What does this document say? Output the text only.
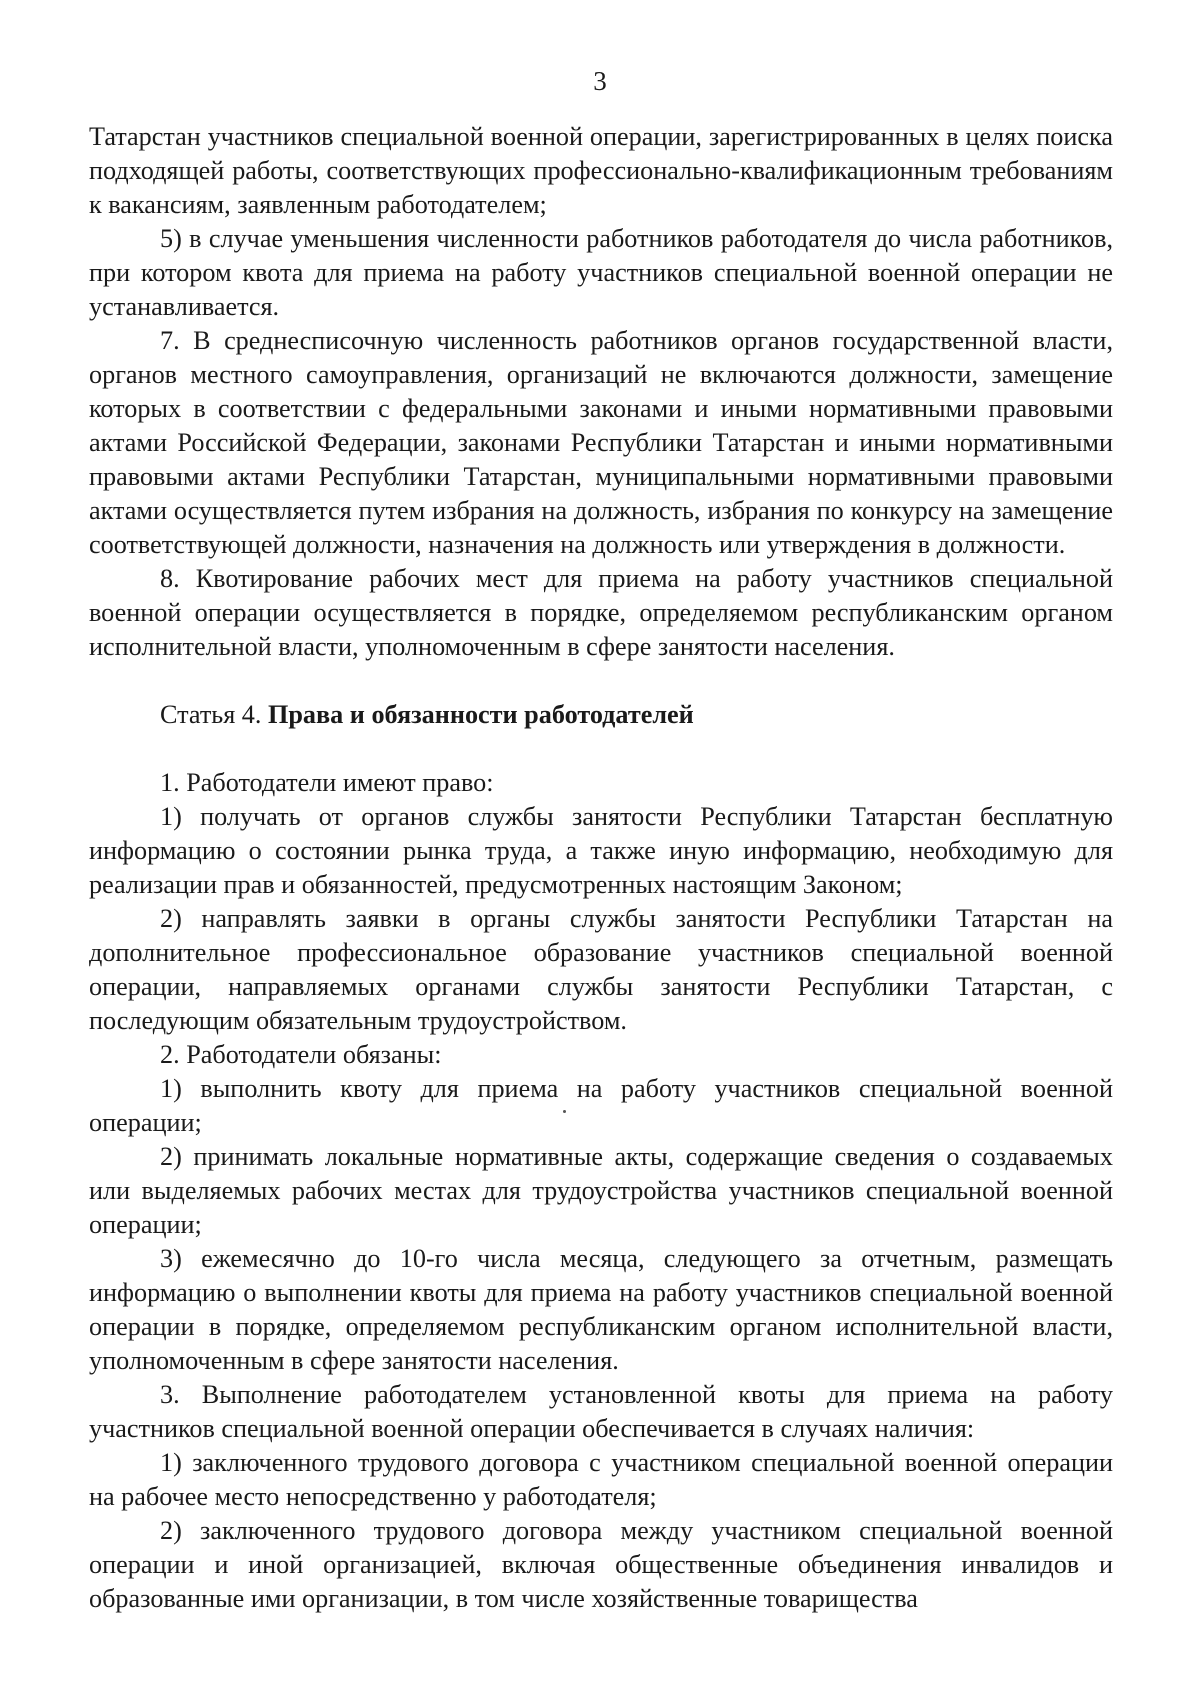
3

Татарстан участников специальной военной операции, зарегистрированных в целях поиска подходящей работы, соответствующих профессионально-квалификационным требованиям к вакансиям, заявленным работодателем;

5) в случае уменьшения численности работников работодателя до числа работников, при котором квота для приема на работу участников специальной военной операции не устанавливается.

7. В среднесписочную численность работников органов государственной власти, органов местного самоуправления, организаций не включаются должности, замещение которых в соответствии с федеральными законами и иными нормативными правовыми актами Российской Федерации, законами Республики Татарстан и иными нормативными правовыми актами Республики Татарстан, муниципальными нормативными правовыми актами осуществляется путем избрания на должность, избрания по конкурсу на замещение соответствующей должности, назначения на должность или утверждения в должности.

8. Квотирование рабочих мест для приема на работу участников специальной военной операции осуществляется в порядке, определяемом республиканским органом исполнительной власти, уполномоченным в сфере занятости населения.

Статья 4. Права и обязанности работодателей

1. Работодатели имеют право:

1) получать от органов службы занятости Республики Татарстан бесплатную информацию о состоянии рынка труда, а также иную информацию, необходимую для реализации прав и обязанностей, предусмотренных настоящим Законом;

2) направлять заявки в органы службы занятости Республики Татарстан на дополнительное профессиональное образование участников специальной военной операции, направляемых органами службы занятости Республики Татарстан, с последующим обязательным трудоустройством.

2. Работодатели обязаны:

1) выполнить квоту для приема на работу участников специальной военной операции;

2) принимать локальные нормативные акты, содержащие сведения о создаваемых или выделяемых рабочих местах для трудоустройства участников специальной военной операции;

3) ежемесячно до 10-го числа месяца, следующего за отчетным, размещать информацию о выполнении квоты для приема на работу участников специальной военной операции в порядке, определяемом республиканским органом исполнительной власти, уполномоченным в сфере занятости населения.

3. Выполнение работодателем установленной квоты для приема на работу участников специальной военной операции обеспечивается в случаях наличия:

1) заключенного трудового договора с участником специальной военной операции на рабочее место непосредственно у работодателя;

2) заключенного трудового договора между участником специальной военной операции и иной организацией, включая общественные объединения инвалидов и образованные ими организации, в том числе хозяйственные товарищества
